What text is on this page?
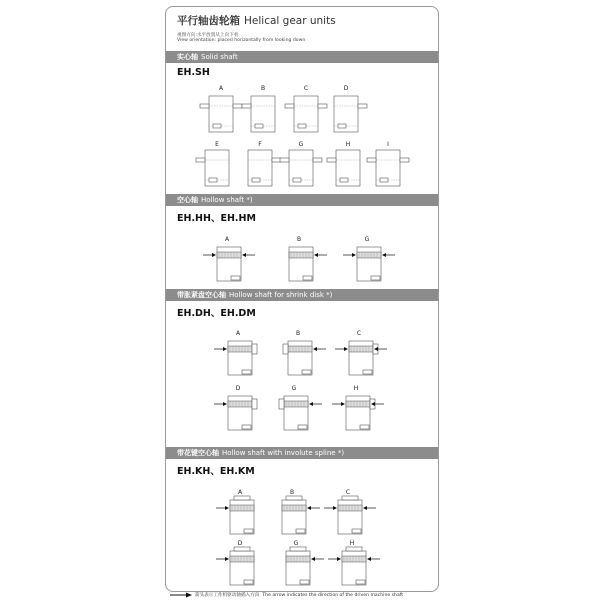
平行轴齿轮箱 Helical gear units
视图方向:水平放置从上向下看
View orientation: placed horizontally from looking down
实心轴 Solid shaft
EH.SH
空心轴 Hollow shaft *)
EH.HH、EH.HM
带胀紧盘空心轴 Hollow shaft for shrink disk *)
EH.DH、EH.DM
带花键空心轴 Hollow shaft with involute spline *)
EH.KH、EH.KM
A	B	C	D
E	F	G	H	I
A	B	G
A	B	C
D	G	H
A	B	C
D	G	H
箭头表示工作机驱动轴插入方向 The arrow indicates the direction of the driven machine shaft
